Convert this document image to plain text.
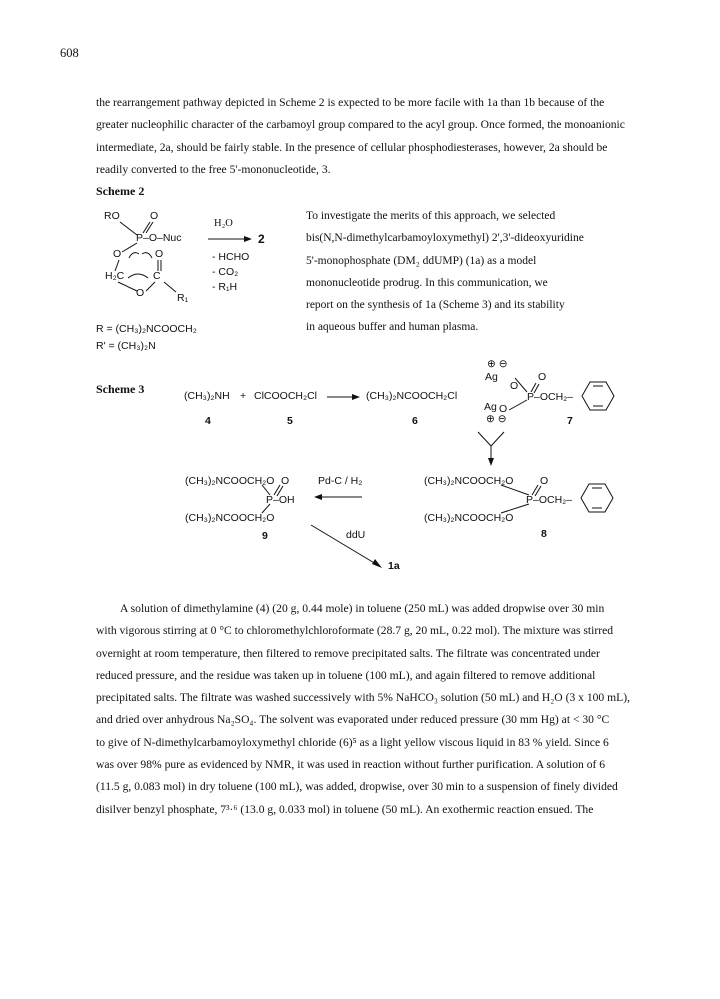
608

the rearrangement pathway depicted in Scheme 2 is expected to be more facile with 1a than 1b because of the

greater nucleophilic character of the carbamoyl group compared to the acyl group. Once formed, the monoanionic

intermediate, 2a, should be fairly stable. In the presence of cellular phosphodiesterases, however, 2a should be

readily converted to the free 5'-mononucleotide, 3.

Scheme 2
RO	O
P–O–Nuc
O	O
H₂C	C
O	R₁
H₂O
2
- HCHO
- CO₂
- R₁H
R = (CH₃)₂NCOOCH₂
R' = (CH₃)₂N

To investigate the merits of this approach, we selected

bis(N,N-dimethylcarbamoyloxymethyl) 2',3'-dideoxyuridine

5'-monophosphate (DM₂ ddUMP) (1a) as a model

mononucleotide prodrug. In this communication, we

report on the synthesis of 1a (Scheme 3) and its stability

in aqueous buffer and human plasma.

Scheme 3	(CH₃)₂NH + ClCOOCH₂Cl	(CH₃)₂NCOOCH₂Cl
4	5	6
⊕ ⊖
Ag
O
O
P–OCH₂–
Ag O
⊕ ⊖	7
(CH₃)₂NCOOCH₂O O
P–OH
(CH₃)₂NCOOCH₂O
9
Pd-C / H₂	(CH₃)₂NCOOCH₂O	O
P–OCH₂–
(CH₃)₂NCOOCH₂O
8
ddU
1a

A solution of dimethylamine (4) (20 g, 0.44 mole) in toluene (250 mL) was added dropwise over 30 min

with vigorous stirring at 0 °C to chloromethylchloroformate (28.7 g, 20 mL, 0.22 mol). The mixture was stirred

overnight at room temperature, then filtered to remove precipitated salts. The filtrate was concentrated under

reduced pressure, and the residue was taken up in toluene (100 mL), and again filtered to remove additional

precipitated salts. The filtrate was washed successively with 5% NaHCO₃ solution (50 mL) and H₂O (3 x 100 mL),

and dried over anhydrous Na₂SO₄. The solvent was evaporated under reduced pressure (30 mm Hg) at < 30 °C

to give of N-dimethylcarbamoyloxymethyl chloride (6)⁵ as a light yellow viscous liquid in 83 % yield. Since 6

was over 98% pure as evidenced by NMR, it was used in reaction without further purification. A solution of 6

(11.5 g, 0.083 mol) in dry toluene (100 mL), was added, dropwise, over 30 min to a suspension of finely divided

disilver benzyl phosphate, 7³·⁶ (13.0 g, 0.033 mol) in toluene (50 mL). An exothermic reaction ensued. The
